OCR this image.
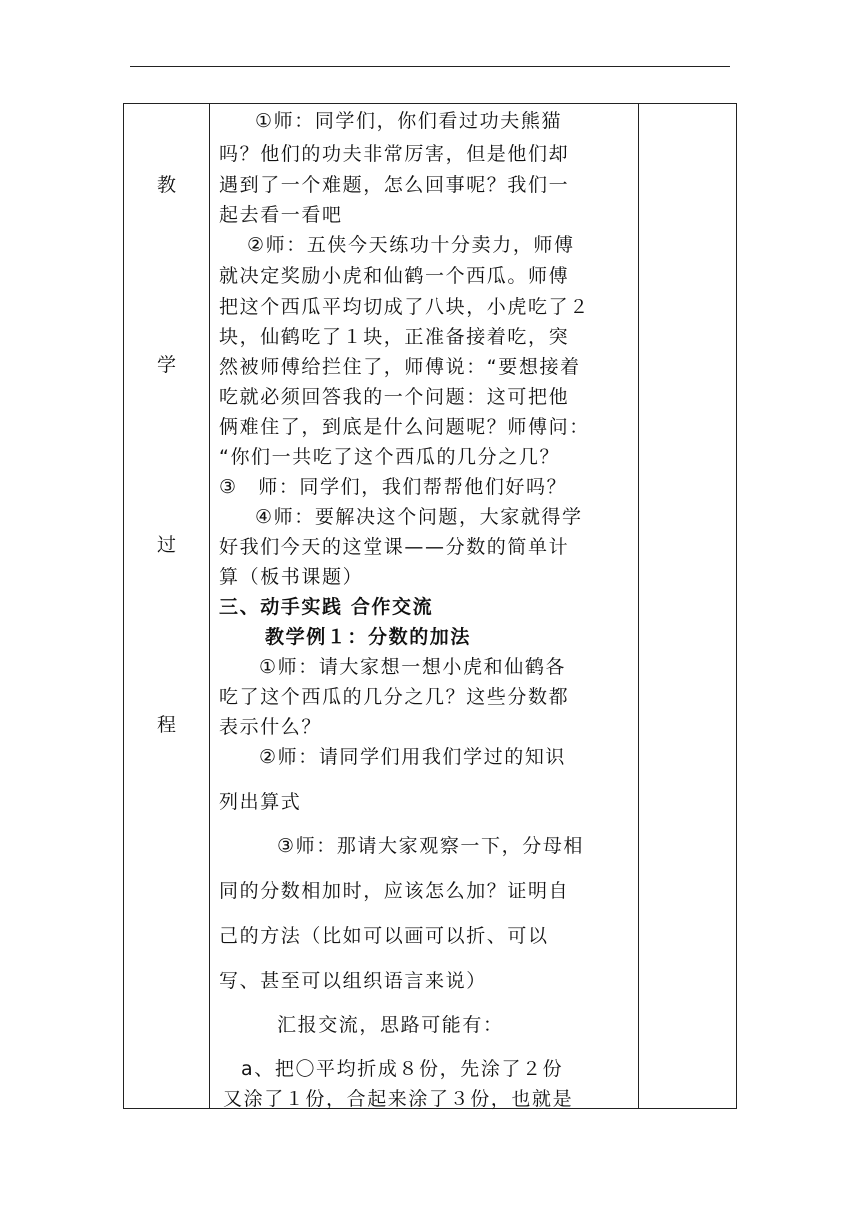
教
学
过
程
①师：同学们，你们看过功夫熊猫
吗？他们的功夫非常厉害，但是他们却
遇到了一个难题，怎么回事呢？我们一
起去看一看吧
②师：五侠今天练功十分卖力，师傅
就决定奖励小虎和仙鹤一个西瓜。师傅
把这个西瓜平均切成了八块，小虎吃了２
块，仙鹤吃了１块，正准备接着吃，突
然被师傅给拦住了，师傅说：“要想接着
吃就必须回答我的一个问题：这可把他
俩难住了，到底是什么问题呢？师傅问：
“你们一共吃了这个西瓜的几分之几？
③　师：同学们，我们帮帮他们好吗？
④师：要解决这个问题，大家就得学
好我们今天的这堂课——分数的简单计
算（板书课题）
三、动手实践 合作交流
教学例１：分数的加法
①师：请大家想一想小虎和仙鹤各
吃了这个西瓜的几分之几？这些分数都
表示什么？
②师：请同学们用我们学过的知识
列出算式
③师：那请大家观察一下，分母相
同的分数相加时，应该怎么加？证明自
己的方法（比如可以画可以折、可以
写、甚至可以组织语言来说）
汇报交流，思路可能有：
a、把〇平均折成８份，先涂了２份
又涂了１份，合起来涂了３份，也就是
